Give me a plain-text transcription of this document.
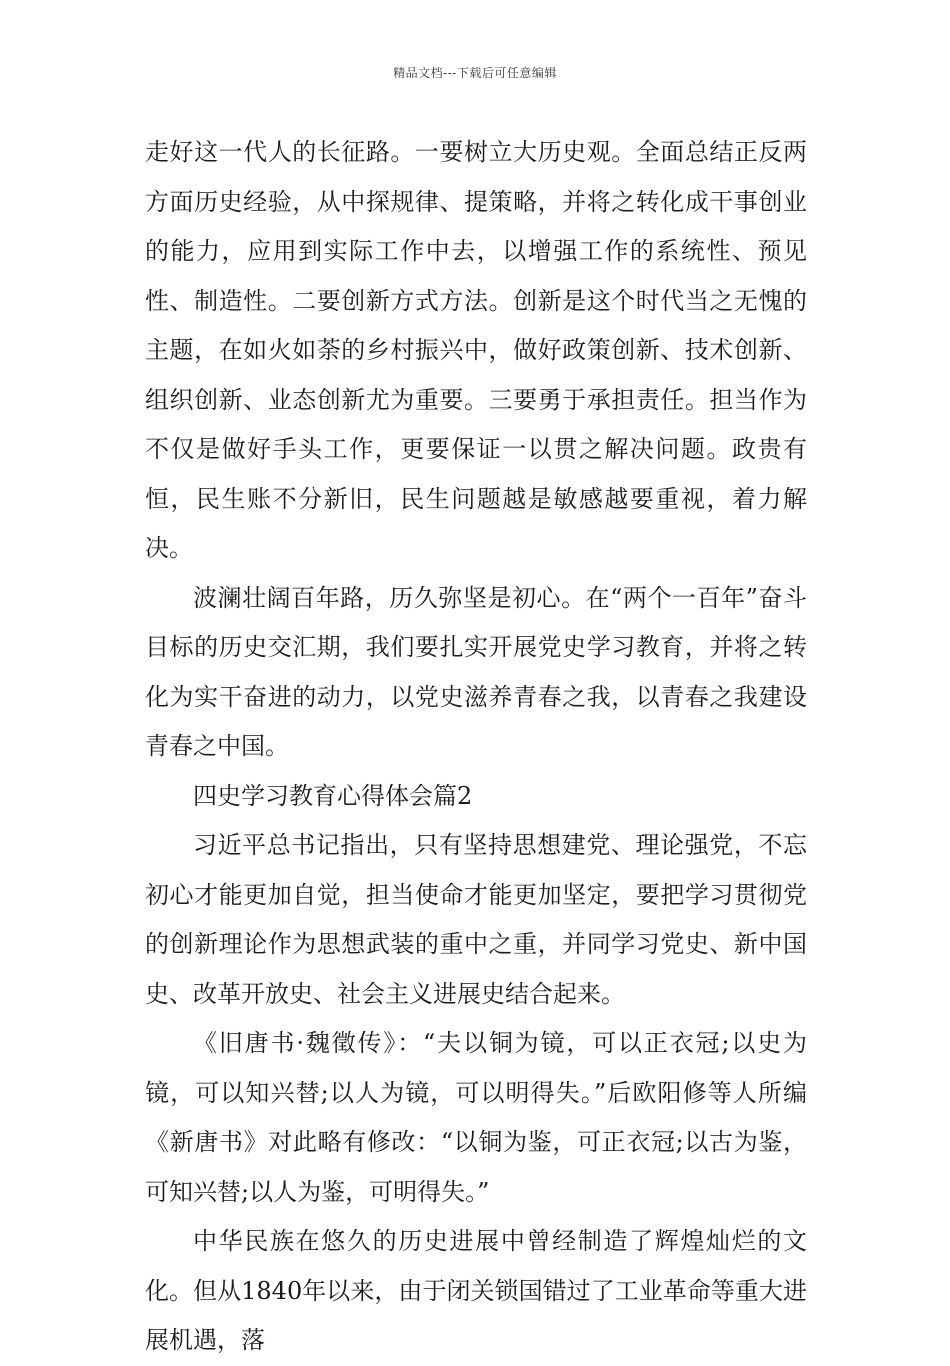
精品文档---下载后可任意编辑

走好这一代人的长征路。一要树立大历史观。全面总结正反两方面历史经验，从中探规律、提策略，并将之转化成干事创业的能力，应用到实际工作中去，以增强工作的系统性、预见性、制造性。二要创新方式方法。创新是这个时代当之无愧的主题，在如火如荼的乡村振兴中，做好政策创新、技术创新、组织创新、业态创新尤为重要。三要勇于承担责任。担当作为不仅是做好手头工作，更要保证一以贯之解决问题。政贵有恒，民生账不分新旧，民生问题越是敏感越要重视，着力解决。

波澜壮阔百年路，历久弥坚是初心。在“两个一百年”奋斗目标的历史交汇期，我们要扎实开展党史学习教育，并将之转化为实干奋进的动力，以党史滋养青春之我，以青春之我建设青春之中国。

四史学习教育心得体会篇2

习近平总书记指出，只有坚持思想建党、理论强党，不忘初心才能更加自觉，担当使命才能更加坚定，要把学习贯彻党的创新理论作为思想武装的重中之重，并同学习党史、新中国史、改革开放史、社会主义进展史结合起来。

《旧唐书·魏徵传》：“夫以铜为镜，可以正衣冠;以史为镜，可以知兴替;以人为镜，可以明得失。”后欧阳修等人所编《新唐书》对此略有修改：“以铜为鉴，可正衣冠;以古为鉴，可知兴替;以人为鉴，可明得失。”

中华民族在悠久的历史进展中曾经制造了辉煌灿烂的文化。但从1840年以来，由于闭关锁国错过了工业革命等重大进展机遇，落
